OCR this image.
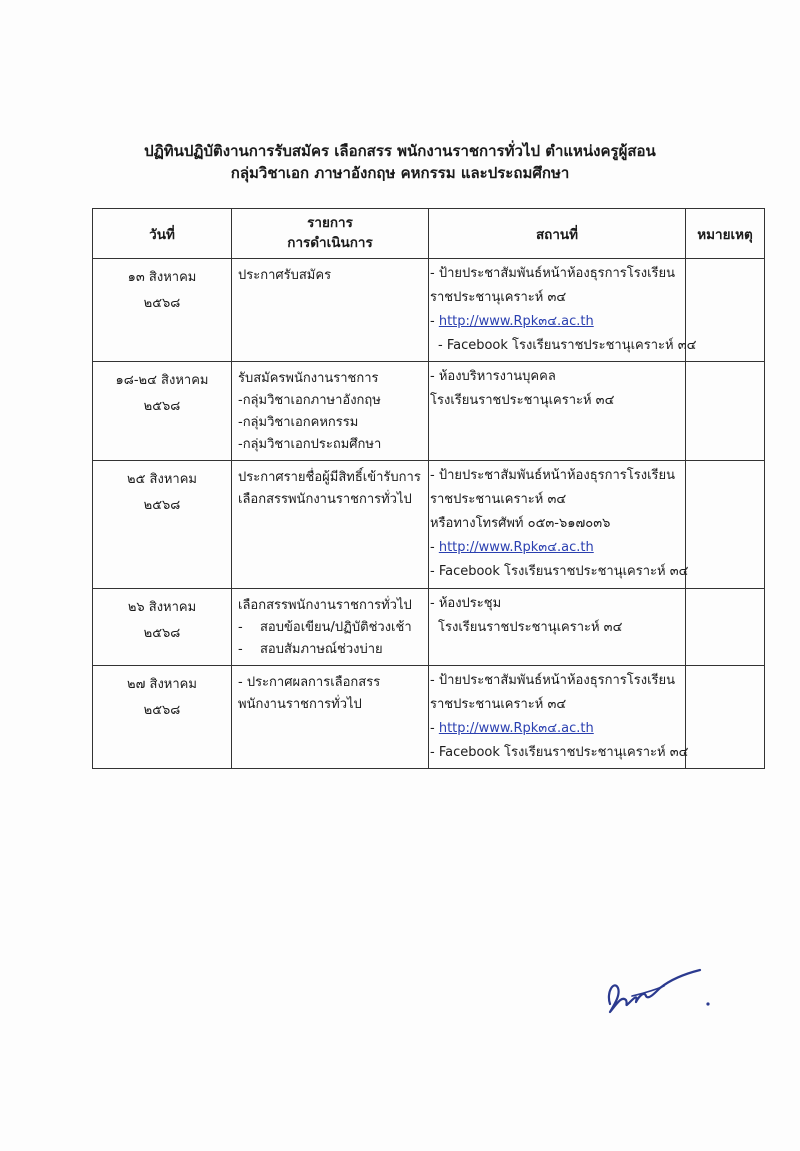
ปฏิทินปฏิบัติงานการรับสมัคร เลือกสรร พนักงานราชการทั่วไป ตำแหน่งครูผู้สอน
กลุ่มวิชาเอก ภาษาอังกฤษ คหกรรม และประถมศึกษา
วันที่	รายการ
การดำเนินการ	สถานที่	หมายเหตุ

๑๓ สิงหาคม
๒๕๖๘	ประกาศรับสมัคร	- ป้ายประชาสัมพันธ์หน้าห้องธุรการโรงเรียน
ราชประชานุเคราะห์ ๓๔
- http://www.Rpk๓๔.ac.th
- Facebook โรงเรียนราชประชานุเคราะห์ ๓๔	

๑๘-๒๔ สิงหาคม
๒๕๖๘	รับสมัครพนักงานราชการ
-กลุ่มวิชาเอกภาษาอังกฤษ
-กลุ่มวิชาเอกคหกรรม
-กลุ่มวิชาเอกประถมศึกษา	- ห้องบริหารงานบุคคล
โรงเรียนราชประชานุเคราะห์ ๓๔	

๒๕ สิงหาคม
๒๕๖๘	ประกาศรายชื่อผู้มีสิทธิ์เข้ารับการ
เลือกสรรพนักงานราชการทั่วไป	- ป้ายประชาสัมพันธ์หน้าห้องธุรการโรงเรียน
ราชประชานเคราะห์ ๓๔
หรือทางโทรศัพท์ ๐๕๓-๖๑๗๐๓๖
- http://www.Rpk๓๔.ac.th
- Facebook โรงเรียนราชประชานุเคราะห์ ๓๔	

๒๖ สิงหาคม
๒๕๖๘	เลือกสรรพนักงานราชการทั่วไป
- สอบข้อเขียน/ปฏิบัติช่วงเช้า
- สอบสัมภาษณ์ช่วงบ่าย	- ห้องประชุม
โรงเรียนราชประชานุเคราะห์ ๓๔	

๒๗ สิงหาคม
๒๕๖๘	- ประกาศผลการเลือกสรร
พนักงานราชการทั่วไป	- ป้ายประชาสัมพันธ์หน้าห้องธุรการโรงเรียน
ราชประชานเคราะห์ ๓๔
- http://www.Rpk๓๔.ac.th
- Facebook โรงเรียนราชประชานุเคราะห์ ๓๔	
